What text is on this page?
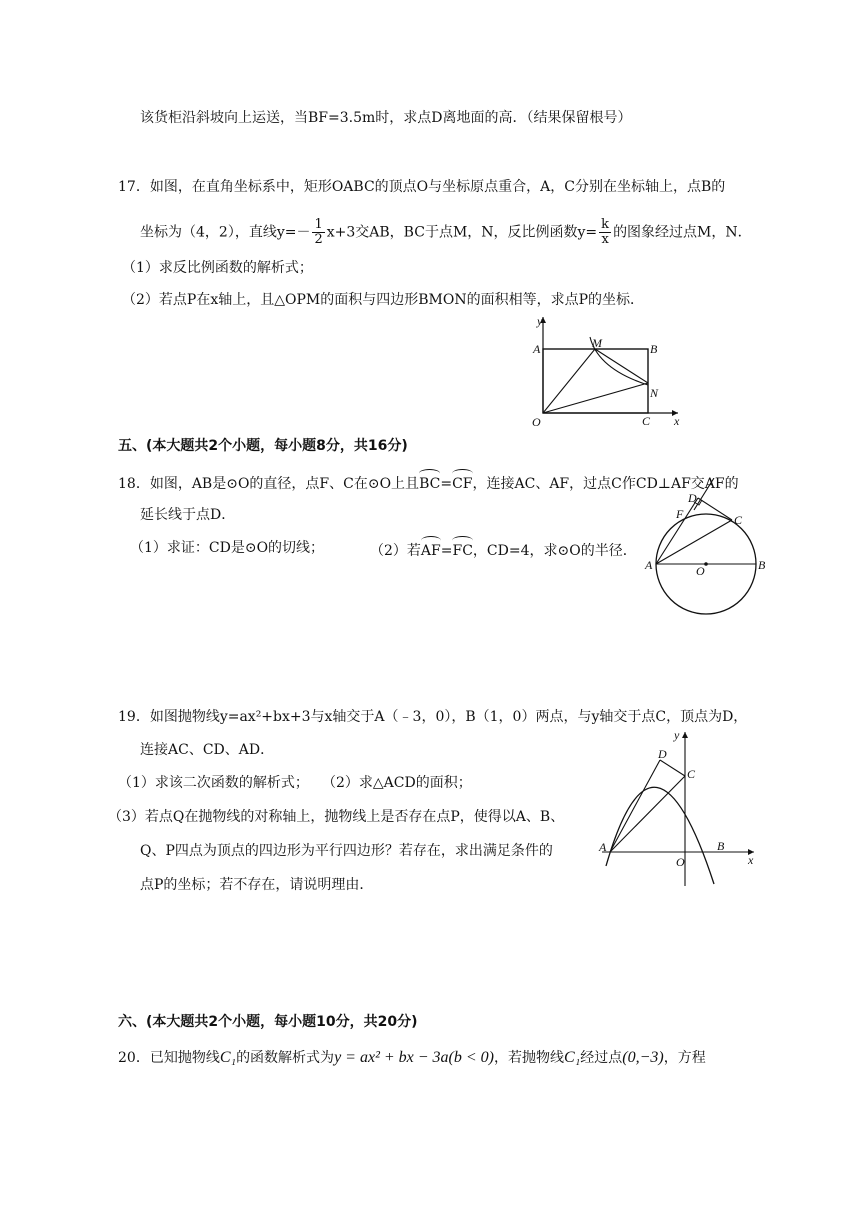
该货柜沿斜坡向上运送，当BF=3.5m时，求点D离地面的高．（结果保留根号）
17．如图，在直角坐标系中，矩形OABC的顶点O与坐标原点重合，A，C分别在坐标轴上，点B的
坐标为（4，2），直线$y=- \frac{1}{2} x+3$交AB，BC于点M，N，反比例函数$y= \frac{k}{x}$ 的图象经过点M，N．
（1）求反比例函数的解析式；
（2）若点P在x轴上，且△OPM的面积与四边形BMON的面积相等，求点P的坐标．
y
A	M	B
N
O	C x
五、(本大题共2个小题，每小题8分，共16分)
18．如图，AB是⊙O的直径，点F、C在⊙O上且BC=CF，连接AC、AF，过点C作CD⊥AF交AF的
延长线于点D．
（1）求证：CD是⊙O的切线；	（2）若AF=FC，CD=4，求⊙O的半径．
D
F	C
A	O	B
19．如图抛物线y=ax²+bx+3与x轴交于A（﹣3，0），B（1，0）两点，与y轴交于点C，顶点为D，
连接AC、CD、AD．
（1）求该二次函数的解析式； （2）求△ACD的面积；
（3）若点Q在抛物线的对称轴上，抛物线上是否存在点P，使得以A、B、
Q、P四点为顶点的四边形为平行四边形？若存在，求出满足条件的
点P的坐标；若不存在，请说明理由．
y
D
C
A
O
B
x
六、(本大题共2个小题，每小题10分，共20分)
20．已知抛物线C₁的函数解析式为y = ax² + bx − 3a(b < 0)，若抛物线C₁经过点(0,−3)，方程
